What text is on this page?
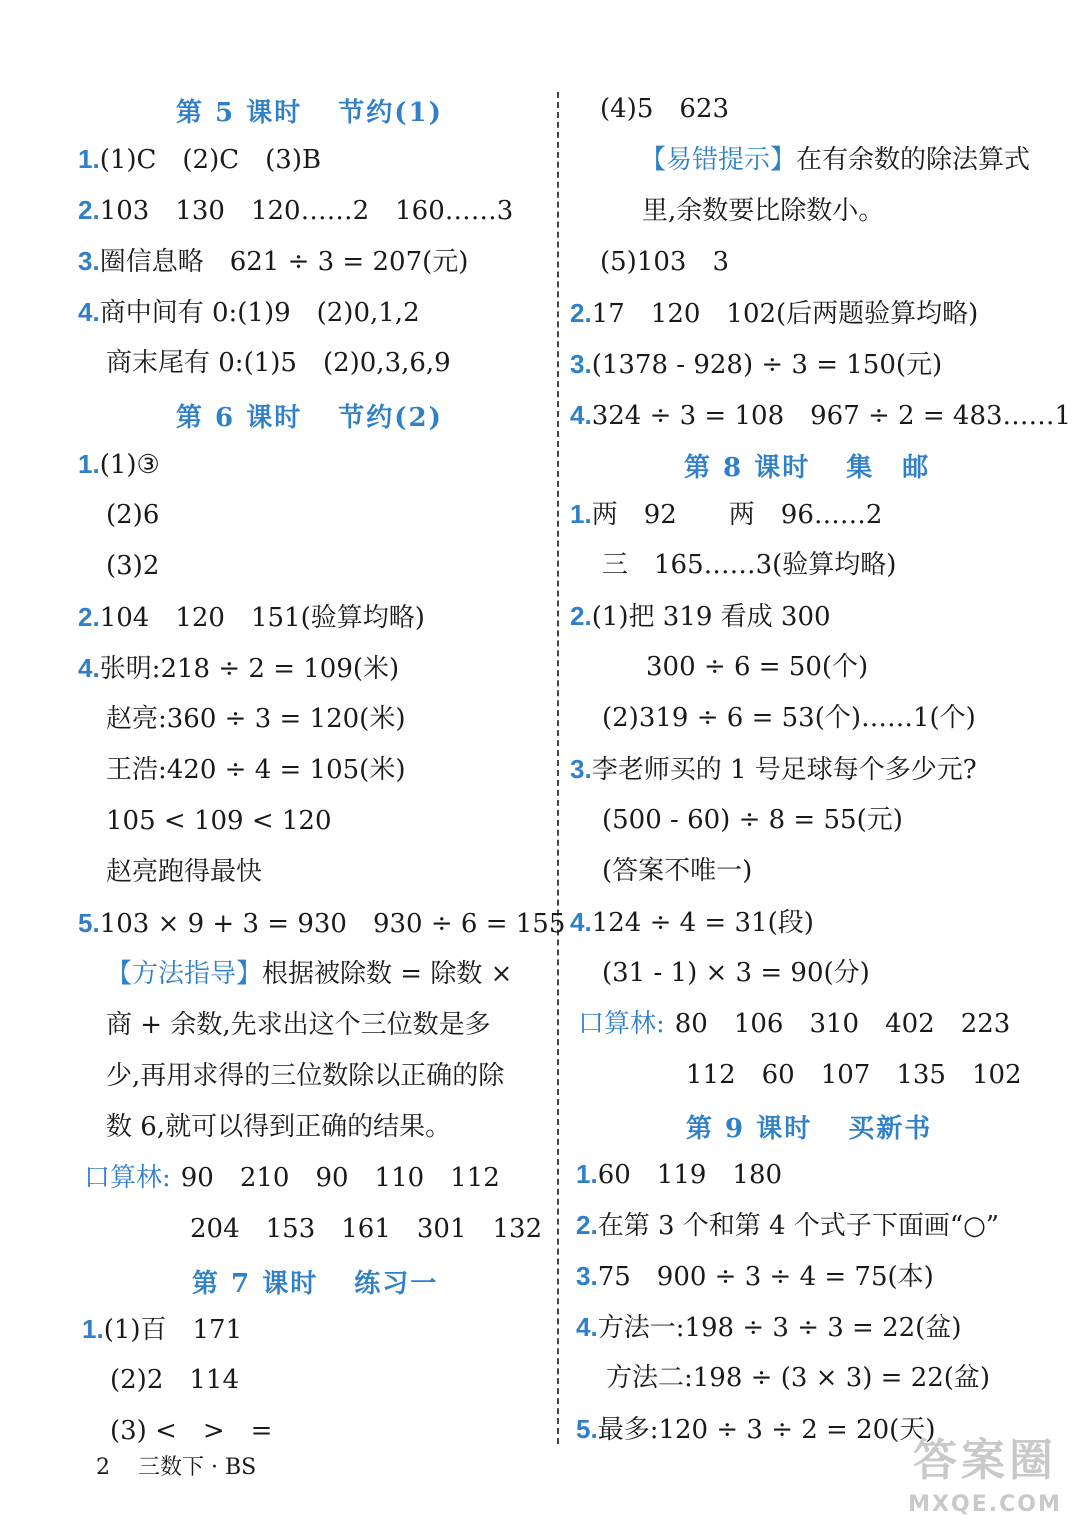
第 5 课时 节约(1)
1.(1)C　(2)C　(3)B
2.103　130　120……2　160……3
3.圈信息略　621 ÷ 3 = 207(元)
4.商中间有 0:(1)9　(2)0,1,2
商末尾有 0:(1)5　(2)0,3,6,9
第 6 课时 节约(2)
1.(1)③
(2)6
(3)2
2.104　120　151(验算均略)
4.张明:218 ÷ 2 = 109(米)
赵亮:360 ÷ 3 = 120(米)
王浩:420 ÷ 4 = 105(米)
105 < 109 < 120
赵亮跑得最快
5.103 × 9 + 3 = 930　930 ÷ 6 = 155
【方法指导】根据被除数 = 除数 ×
商 + 余数,先求出这个三位数是多
少,再用求得的三位数除以正确的除
数 6,就可以得到正确的结果。
口算林: 90　210　90　110　112
204　153　161　301　132
第 7 课时 练习一
1.(1)百　171
(2)2　114
(3) <　>　=
(4)5　623
【易错提示】在有余数的除法算式
里,余数要比除数小。
(5)103　3
2.17　120　102(后两题验算均略)
3.(1378 - 928) ÷ 3 = 150(元)
4.324 ÷ 3 = 108　967 ÷ 2 = 483……1
第 8 课时 集　邮
1.两　92　　两　96……2
三　165……3(验算均略)
2.(1)把 319 看成 300
300 ÷ 6 = 50(个)
(2)319 ÷ 6 = 53(个)……1(个)
3.李老师买的 1 号足球每个多少元?
(500 - 60) ÷ 8 = 55(元)
(答案不唯一)
4.124 ÷ 4 = 31(段)
(31 - 1) × 3 = 90(分)
口算林: 80　106　310　402　223
112　60　107　135　102
第 9 课时 买新书
1.60　119　180
2.在第 3 个和第 4 个式子下面画“○”
3.75　900 ÷ 3 ÷ 4 = 75(本)
4.方法一:198 ÷ 3 ÷ 3 = 22(盆)
方法二:198 ÷ (3 × 3) = 22(盆)
5.最多:120 ÷ 3 ÷ 2 = 20(天)
2 三数下 · BS	答案圈
MXQE.COM
